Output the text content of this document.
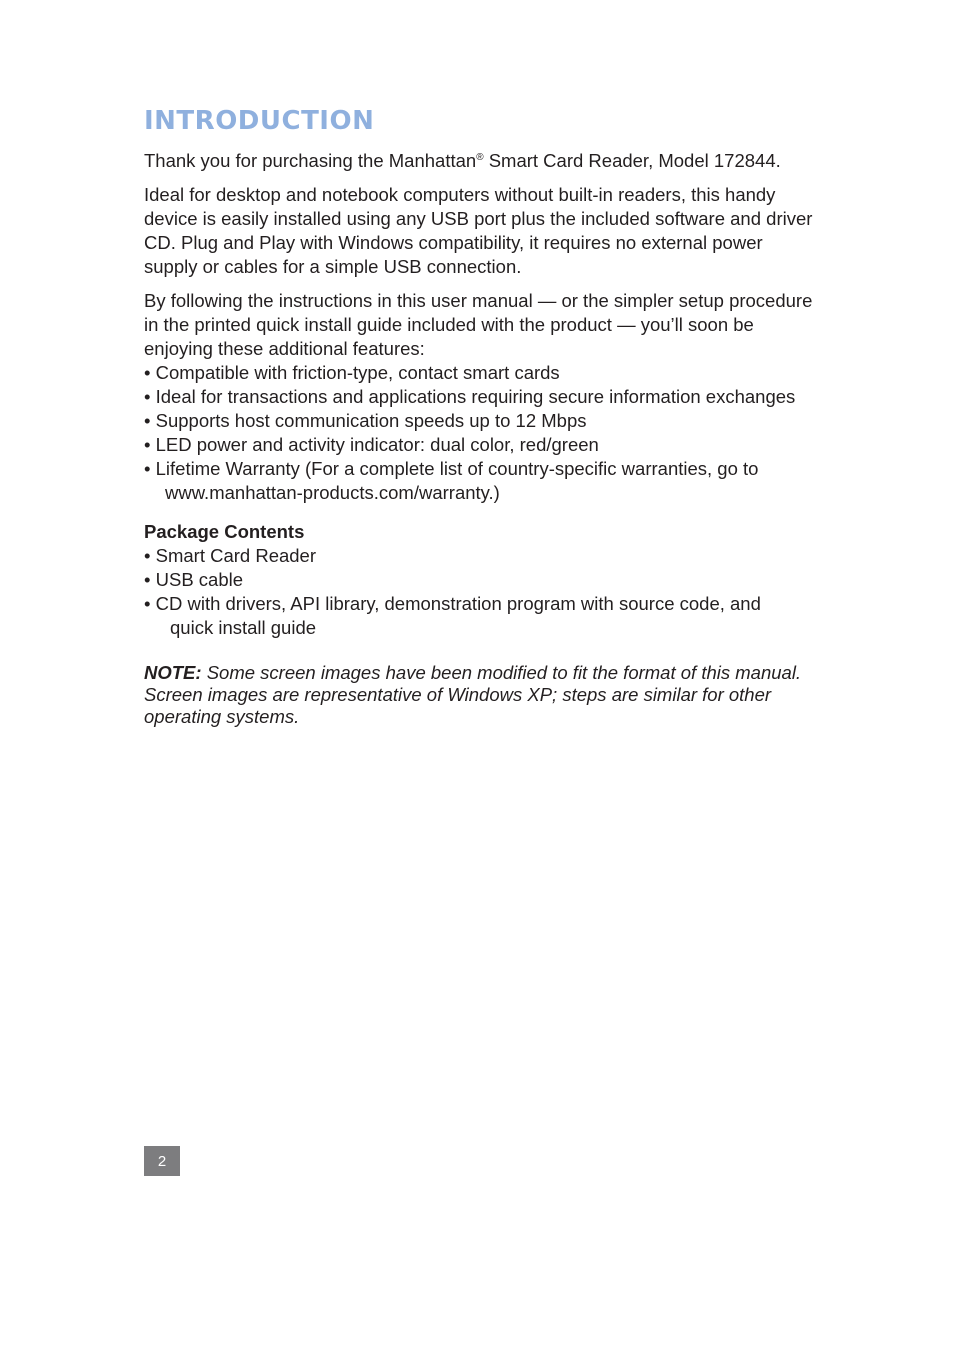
INTRODUCTION

Thank you for purchasing the Manhattan® Smart Card Reader, Model 172844.

Ideal for desktop and notebook computers without built-in readers, this handy
device is easily installed using any USB port plus the included software and driver
CD. Plug and Play with Windows compatibility, it requires no external power
supply or cables for a simple USB connection.

By following the instructions in this user manual — or the simpler setup procedure
in the printed quick install guide included with the product — you’ll soon be
enjoying these additional features:
• Compatible with friction-type, contact smart cards
• Ideal for transactions and applications requiring secure information exchanges
• Supports host communication speeds up to 12 Mbps
• LED power and activity indicator: dual color, red/green
• Lifetime Warranty (For a complete list of country-specific warranties, go to
www.manhattan-products.com/warranty.)

Package Contents
• Smart Card Reader
• USB cable
• CD with drivers, API library, demonstration program with source code, and
quick install guide

NOTE: Some screen images have been modified to fit the format of this manual.
Screen images are representative of Windows XP; steps are similar for other
operating systems.

2
